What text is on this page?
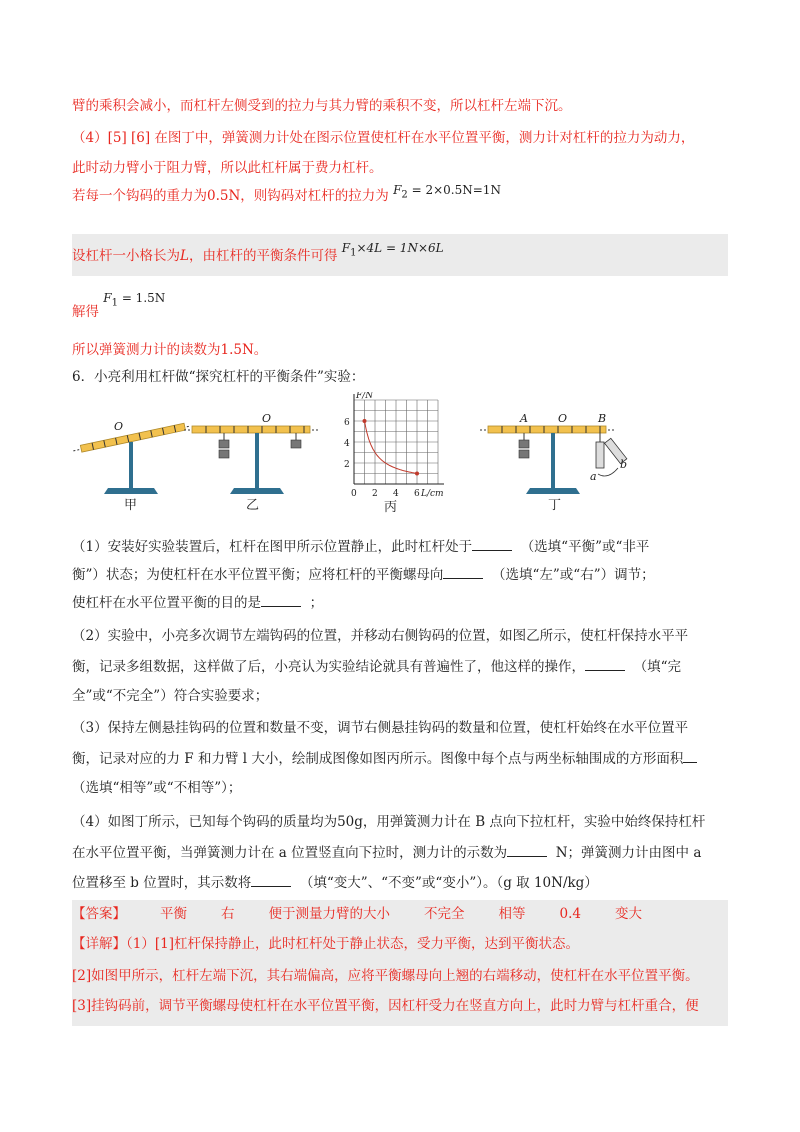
臂的乘积会减小，而杠杆左侧受到的拉力与其力臂的乘积不变，所以杠杆左端下沉。
（4）[5] [6] 在图丁中，弹簧测力计处在图示位置使杠杆在水平位置平衡，测力计对杠杆的拉力为动力，
此时动力臂小于阻力臂，所以此杠杆属于费力杠杆。
若每一个钩码的重力为0.5N，则钩码对杠杆的拉力为 $F_2 = 2\times 0.5N=1N$
设杠杆一小格长为L，由杠杆的平衡条件可得 $F_1\times 4L = 1N\times 6L$
解得 $F_1 = 1.5N$
所以弹簧测力计的读数为1.5N。
6．小亮利用杠杆做“探究杠杆的平衡条件”实验：
O
甲
O
乙
2
4
6
0 2 4 6
F/N
L/cm
丙
A	O	B
a
b
丁
（1）安装好实验装置后，杠杆在图甲所示位置静止，此时杠杆处于	（选填“平衡”或“非平
衡”）状态；为使杠杆在水平位置平衡；应将杠杆的平衡螺母向	（选填“左”或“右”）调节；
使杠杆在水平位置平衡的目的是	；
（2）实验中，小亮多次调节左端钩码的位置，并移动右侧钩码的位置，如图乙所示，使杠杆保持水平平
衡，记录多组数据，这样做了后，小亮认为实验结论就具有普遍性了，他这样的操作，	（填“完
全”或“不完全”）符合实验要求；
（3）保持左侧悬挂钩码的位置和数量不变，调节右侧悬挂钩码的数量和位置，使杠杆始终在水平位置平
衡，记录对应的力 F 和力臂 l 大小，绘制成图像如图丙所示。图像中每个点与两坐标轴围成的方形面积
（选填“相等”或“不相等”）；
（4）如图丁所示，已知每个钩码的质量均为50g，用弹簧测力计在 B 点向下拉杠杆，实验中始终保持杠杆
在水平位置平衡，当弹簧测力计在 a 位置竖直向下拉时，测力计的示数为	N；弹簧测力计由图中 a
位置移至 b 位置时，其示数将	（填“变大”、“不变”或“变小”）。（g 取 10N/kg）
【答案】	平衡	右	便于测量力臂的大小	不完全	相等	0.4	变大
【详解】（1）[1]杠杆保持静止，此时杠杆处于静止状态，受力平衡，达到平衡状态。
[2]如图甲所示，杠杆左端下沉，其右端偏高，应将平衡螺母向上翘的右端移动，使杠杆在水平位置平衡。
[3]挂钩码前，调节平衡螺母使杠杆在水平位置平衡，因杠杆受力在竖直方向上，此时力臂与杠杆重合，便
